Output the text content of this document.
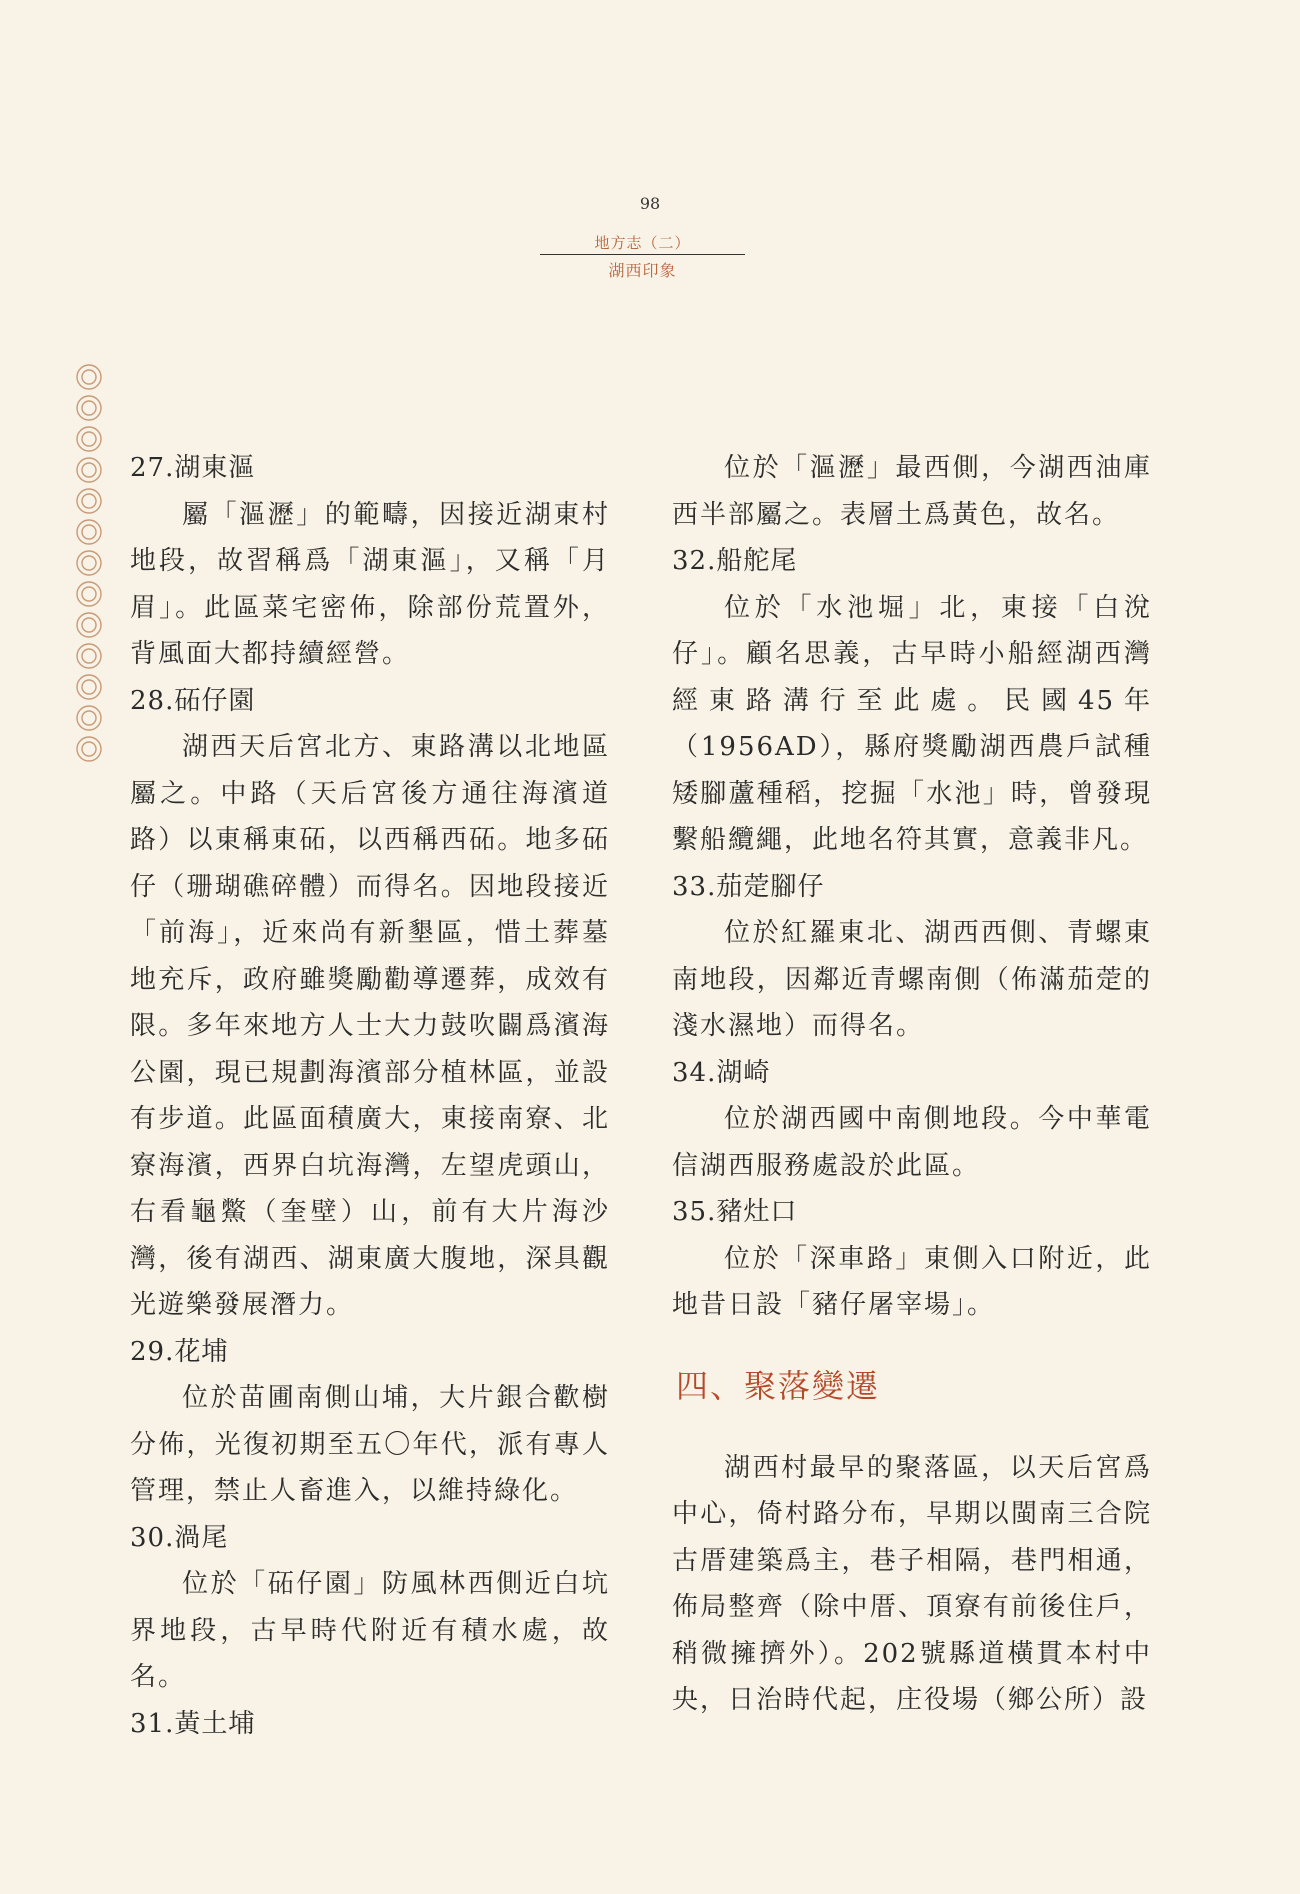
98
地方志（二）
湖西印象
27.湖東漚

屬「漚瀝」的範疇，因接近湖東村地段，故習稱爲「湖東漚」，又稱「月眉」。此區菜宅密佈，除部份荒置外，背風面大都持續經營。

28.砳仔園

湖西天后宮北方、東路溝以北地區屬之。中路（天后宮後方通往海濱道路）以東稱東砳，以西稱西砳。地多砳仔（珊瑚礁碎體）而得名。因地段接近「前海」，近來尚有新墾區，惜土葬墓地充斥，政府雖獎勵勸導遷葬，成效有限。多年來地方人士大力鼓吹闢爲濱海公園，現已規劃海濱部分植林區，並設有步道。此區面積廣大，東接南寮、北寮海濱，西界白坑海灣，左望虎頭山，右看龜鱉（奎壁）山，前有大片海沙灣，後有湖西、湖東廣大腹地，深具觀光遊樂發展潛力。

29.花埔

位於苗圃南側山埔，大片銀合歡樹分佈，光復初期至五〇年代，派有專人管理，禁止人畜進入，以維持綠化。

30.渦尾

位於「砳仔園」防風林西側近白坑界地段，古早時代附近有積水處，故名。

31.黃土埔

位於「漚瀝」最西側，今湖西油庫西半部屬之。表層土爲黃色，故名。

32.船舵尾

位於「水池堀」北，東接「白涗仔」。顧名思義，古早時小船經湖西灣經東路溝行至此處。民國45年（1956AD），縣府獎勵湖西農戶試種矮腳蘆種稻，挖掘「水池」時，曾發現繫船纜繩，此地名符其實，意義非凡。

33.茄萣腳仔

位於紅羅東北、湖西西側、青螺東南地段，因鄰近青螺南側（佈滿茄萣的淺水濕地）而得名。

34.湖崎

位於湖西國中南側地段。今中華電信湖西服務處設於此區。

35.豬灶口

位於「深車路」東側入口附近，此地昔日設「豬仔屠宰場」。

四、聚落變遷

湖西村最早的聚落區，以天后宮爲中心，倚村路分布，早期以閩南三合院古厝建築爲主，巷子相隔，巷門相通，佈局整齊（除中厝、頂寮有前後住戶，稍微擁擠外）。202號縣道橫貫本村中央，日治時代起，庄役場（鄉公所）設
